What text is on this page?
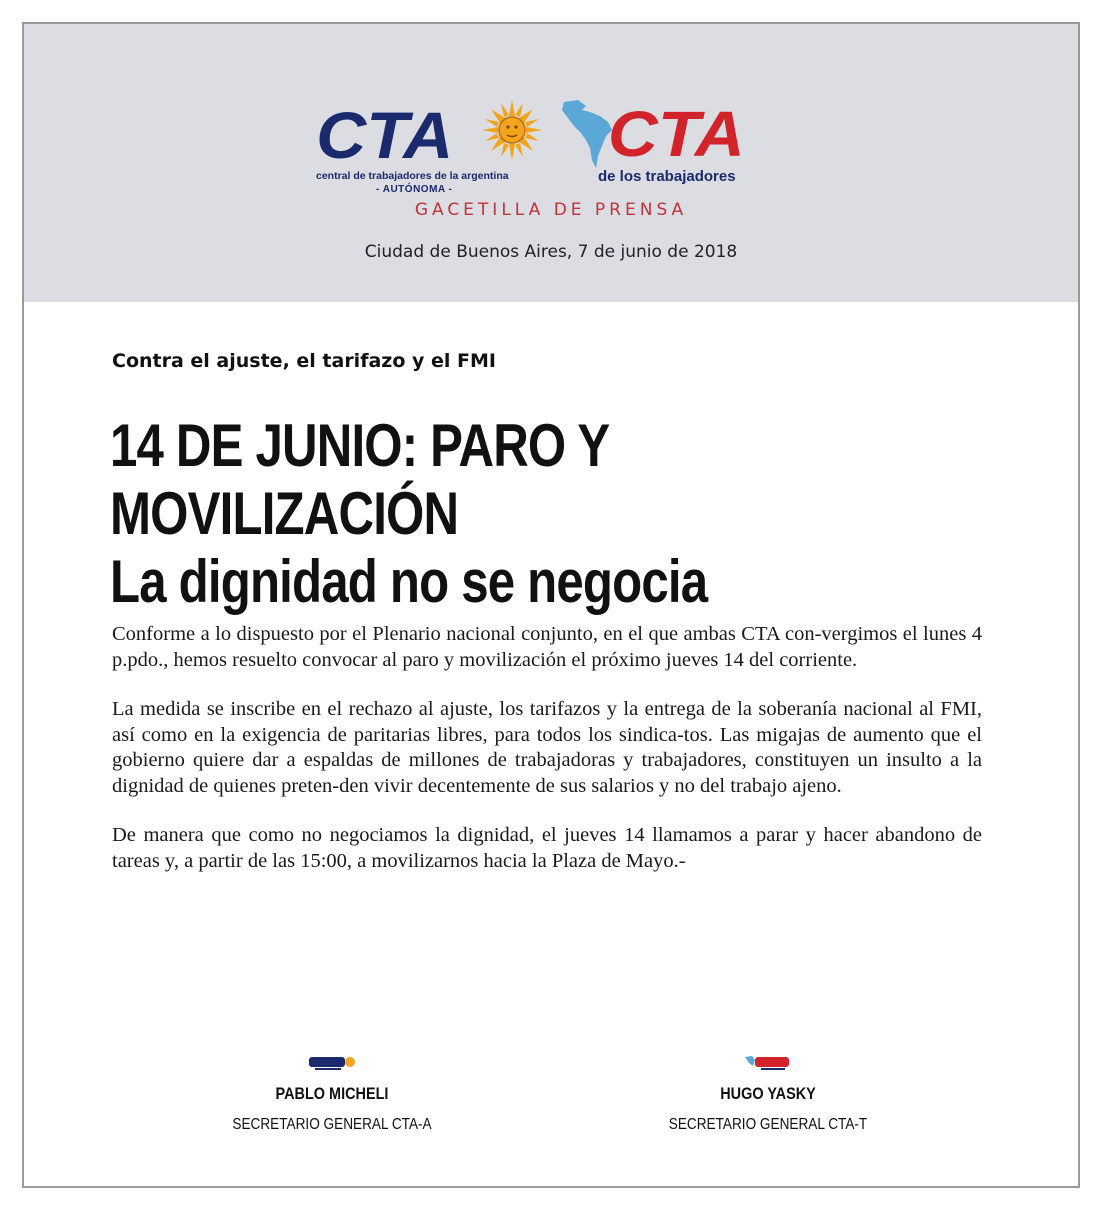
CTA
central de trabajadores de la argentina
- AUTÓNOMA -
CTA
de los trabajadores
GACETILLA DE PRENSA
Ciudad de Buenos Aires, 7 de junio de 2018
Contra el ajuste, el tarifazo y el FMI
14 DE JUNIO: PARO Y MOVILIZACIÓN
La dignidad no se negocia

Conforme a lo dispuesto por el Plenario nacional conjunto, en el que ambas CTA con-vergimos el lunes 4 p.pdo., hemos resuelto convocar al paro y movilización el próximo jueves 14 del corriente.

La medida se inscribe en el rechazo al ajuste, los tarifazos y la entrega de la soberanía nacional al FMI, así como en la exigencia de paritarias libres, para todos los sindica-tos. Las migajas de aumento que el gobierno quiere dar a espaldas de millones de trabajadoras y trabajadores, constituyen un insulto a la dignidad de quienes preten-den vivir decentemente de sus salarios y no del trabajo ajeno.

De manera que como no negociamos la dignidad, el jueves 14 llamamos a parar y hacer abandono de tareas y, a partir de las 15:00, a movilizarnos hacia la Plaza de Mayo.-

PABLO MICHELI
SECRETARIO GENERAL CTA-A
HUGO YASKY
SECRETARIO GENERAL CTA-T
